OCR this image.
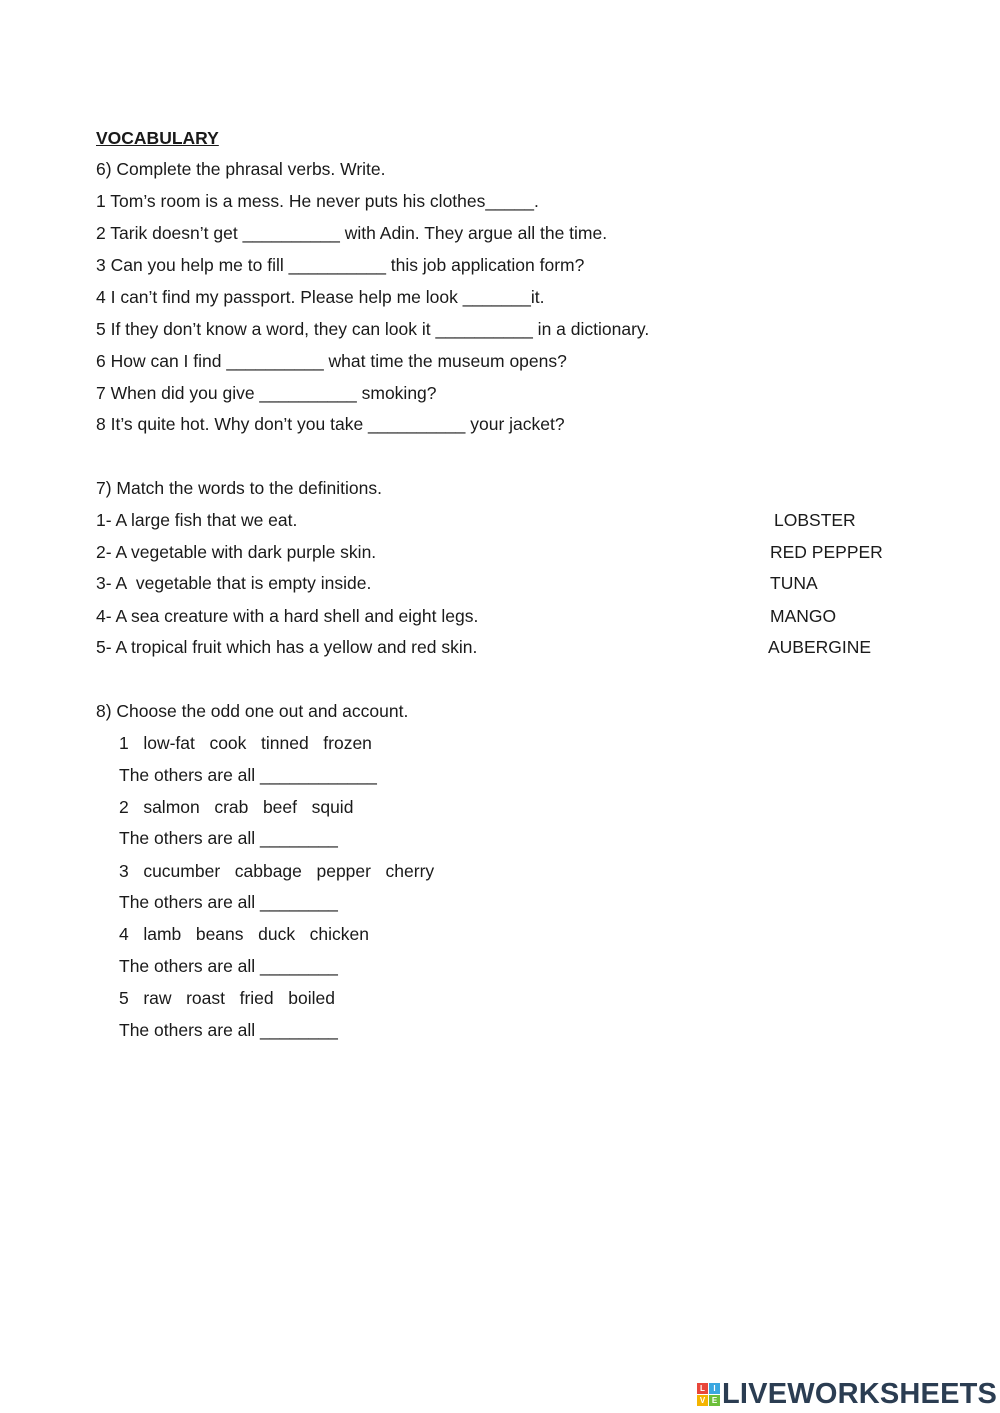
VOCABULARY
6) Complete the phrasal verbs. Write.
1 Tom’s room is a mess. He never puts his clothes_____.
2 Tarik doesn’t get __________ with Adin. They argue all the time.
3 Can you help me to fill __________ this job application form?
4 I can’t find my passport. Please help me look _______it.
5 If they don’t know a word, they can look it __________ in a dictionary.
6 How can I find __________ what time the museum opens?
7 When did you give __________ smoking?
8 It’s quite hot. Why don’t you take __________ your jacket?
7) Match the words to the definitions.
1- A large fish that we eat.
2- A vegetable with dark purple skin.
3- A  vegetable that is empty inside.
4- A sea creature with a hard shell and eight legs.
5- A tropical fruit which has a yellow and red skin.
LOBSTER
RED PEPPER
TUNA
MANGO
AUBERGINE
8) Choose the odd one out and account.
1   low-fat   cook   tinned   frozen
The others are all ____________
2   salmon   crab   beef   squid
The others are all ________
3   cucumber   cabbage   pepper   cherry
The others are all ________
4   lamb   beans   duck   chicken
The others are all ________
5   raw   roast   fried   boiled
The others are all ________
L	I
V E LIVEWORKSHEETS
